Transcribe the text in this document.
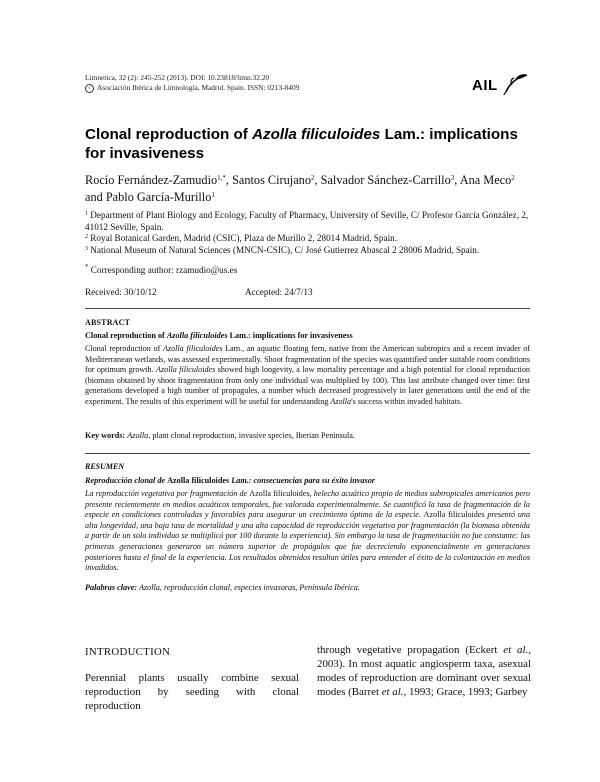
Limnetica, 32 (2): 245-252 (2013). DOI: 10.23818/limn.32.20
c Asociación Ibérica de Limnología, Madrid. Spain. ISSN: 0213-8409	AIL
Clonal reproduction of Azolla filiculoides Lam.: implications for invasiveness
Rocío Fernández-Zamudio$^{1,*}$, Santos Cirujano$^2$, Salvador Sánchez-Carrillo$^3$, Ana Meco$^2$ and Pablo García-Murillo$^1$
$^1$ Department of Plant Biology and Ecology, Faculty of Pharmacy, University of Seville, C/ Profesor García González, 2, 41012 Seville, Spain.
$^2$ Royal Botanical Garden, Madrid (CSIC), Plaza de Murillo 2, 28014 Madrid, Spain.
$^3$ National Museum of Natural Sciences (MNCN-CSIC), C/ José Gutierrez Abascal 2 28006 Madrid, Spain.
* Corresponding author: rzamudio@us.es
Received: 30/10/12	Accepted: 24/7/13
ABSTRACT
Clonal reproduction of Azolla filiculoides Lam.: implications for invasiveness
Clonal reproduction of Azolla filiculoides Lam., an aquatic floating fern, native from the American subtropics and a recent invader of Mediterranean wetlands, was assessed experimentally. Shoot fragmentation of the species was quantified under suitable room conditions for optimum growth. Azolla filiculoides showed high longevity, a low mortality percentage and a high potential for clonal reproduction (biomass obtained by shoot fragmentation from only one individual was multiplied by 100). This last attribute changed over time: first generations developed a high number of propagules, a number which decreased progressively in later generations until the end of the experiment. The results of this experiment will be useful for understanding Azolla's success within invaded habitats.
Key words: Azolla, plant clonal reproduction, invasive species, Iberian Peninsula.
RESUMEN
Reproducción clonal de Azolla filiculoides Lam.: consecuencias para su éxito invasor
La reproducción vegetativa por fragmentación de Azolla filiculoides, helecho acuático propio de medios subtropicales americanos pero presente recientemente en medios acuáticos temporales, fue valorada experimentalmente. Se cuantificó la tasa de fragmentación de la especie en condiciones controladas y favorables para asegurar un crecimiento óptimo de la especie. Azolla filiculoides presentó una alta longevidad, una baja tasa de mortalidad y una alta capacidad de reproducción vegetativa por fragmentación (la biomasa obtenida a partir de un solo individuo se multiplicó por 100 durante la experiencia). Sin embargo la tasa de fragmentación no fue constante: las primeras generaciones generaron un número superior de propágulos que fue decreciendo exponencialmente en generaciones posteriores hasta el final de la experiencia. Los resultados obtenidos resultan útiles para entender el éxito de la colonización en medios invadidos.
Palabras clave: Azolla, reproducción clonal, especies invasoras, Península Ibérica.
INTRODUCTION
Perennial plants usually combine sexual reproduction by seeding with clonal reproduction
through vegetative propagation (Eckert et al., 2003). In most aquatic angiosperm taxa, asexual modes of reproduction are dominant over sexual modes (Barret et al., 1993; Grace, 1993; Garbey
